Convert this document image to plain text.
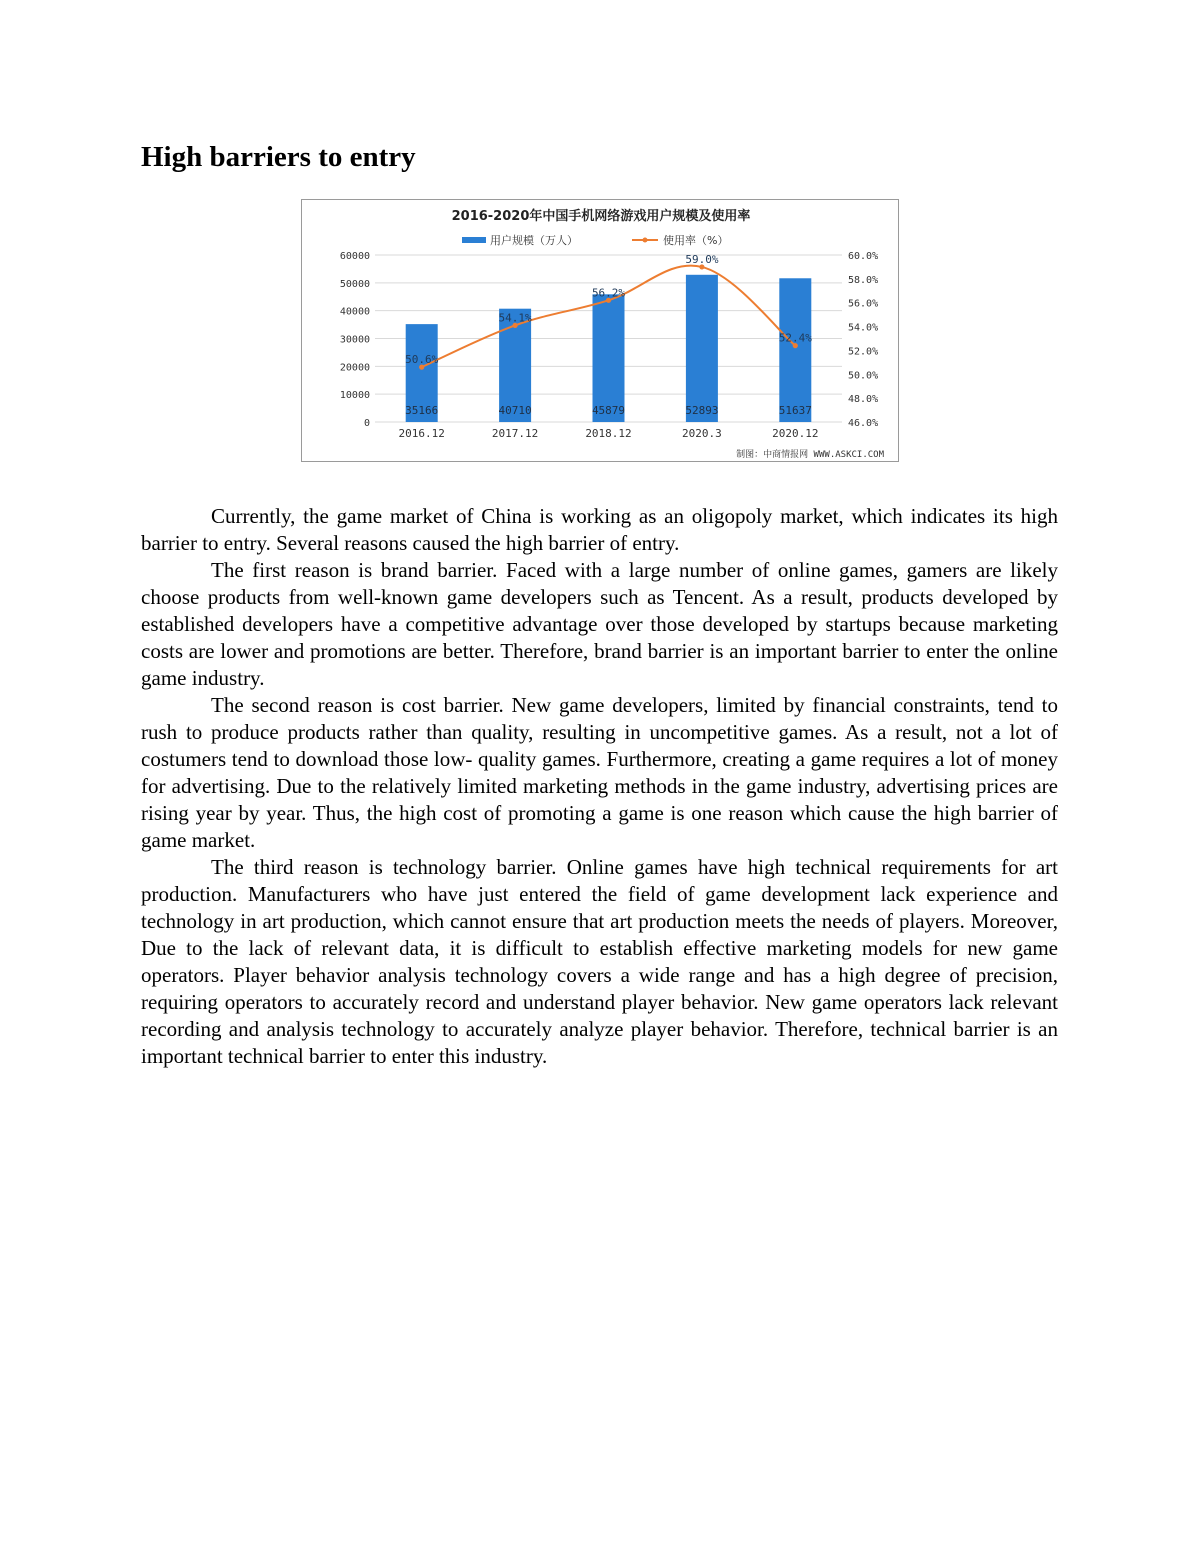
High barriers to entry
2016-2020年中国手机网络游戏用户规模及使用率
用户规模（万人）	使用率（%）
0
10000
20000
30000
40000
50000
60000
46.0%
48.0%
50.0%
52.0%
54.0%
56.0%
58.0%
60.0%
2016.12	2017.12	2018.12	2020.3	2020.12
50.6%
54.1%
56.2%
59.0%
52.4%
35166	40710	45879	52893	51637
制图：中商情报网 WWW.ASKCI.COM

Currently, the game market of China is working as an oligopoly market, which indicates its high barrier to entry. Several reasons caused the high barrier of entry.

The first reason is brand barrier. Faced with a large number of online games, gamers are likely choose products from well-known game developers such as Tencent. As a result, products developed by established developers have a competitive advantage over those developed by startups because marketing costs are lower and promotions are better. Therefore, brand barrier is an important barrier to enter the online game industry.

The second reason is cost barrier. New game developers, limited by financial constraints, tend to rush to produce products rather than quality, resulting in uncompetitive games. As a result, not a lot of costumers tend to download those low- quality games. Furthermore, creating a game requires a lot of money for advertising. Due to the relatively limited marketing methods in the game industry, advertising prices are rising year by year. Thus, the high cost of promoting a game is one reason which cause the high barrier of game market.

The third reason is technology barrier. Online games have high technical requirements for art production. Manufacturers who have just entered the field of game development lack experience and technology in art production, which cannot ensure that art production meets the needs of players. Moreover, Due to the lack of relevant data, it is difficult to establish effective marketing models for new game operators. Player behavior analysis technology covers a wide range and has a high degree of precision, requiring operators to accurately record and understand player behavior. New game operators lack relevant recording and analysis technology to accurately analyze player behavior. Therefore, technical barrier is an important technical barrier to enter this industry.
